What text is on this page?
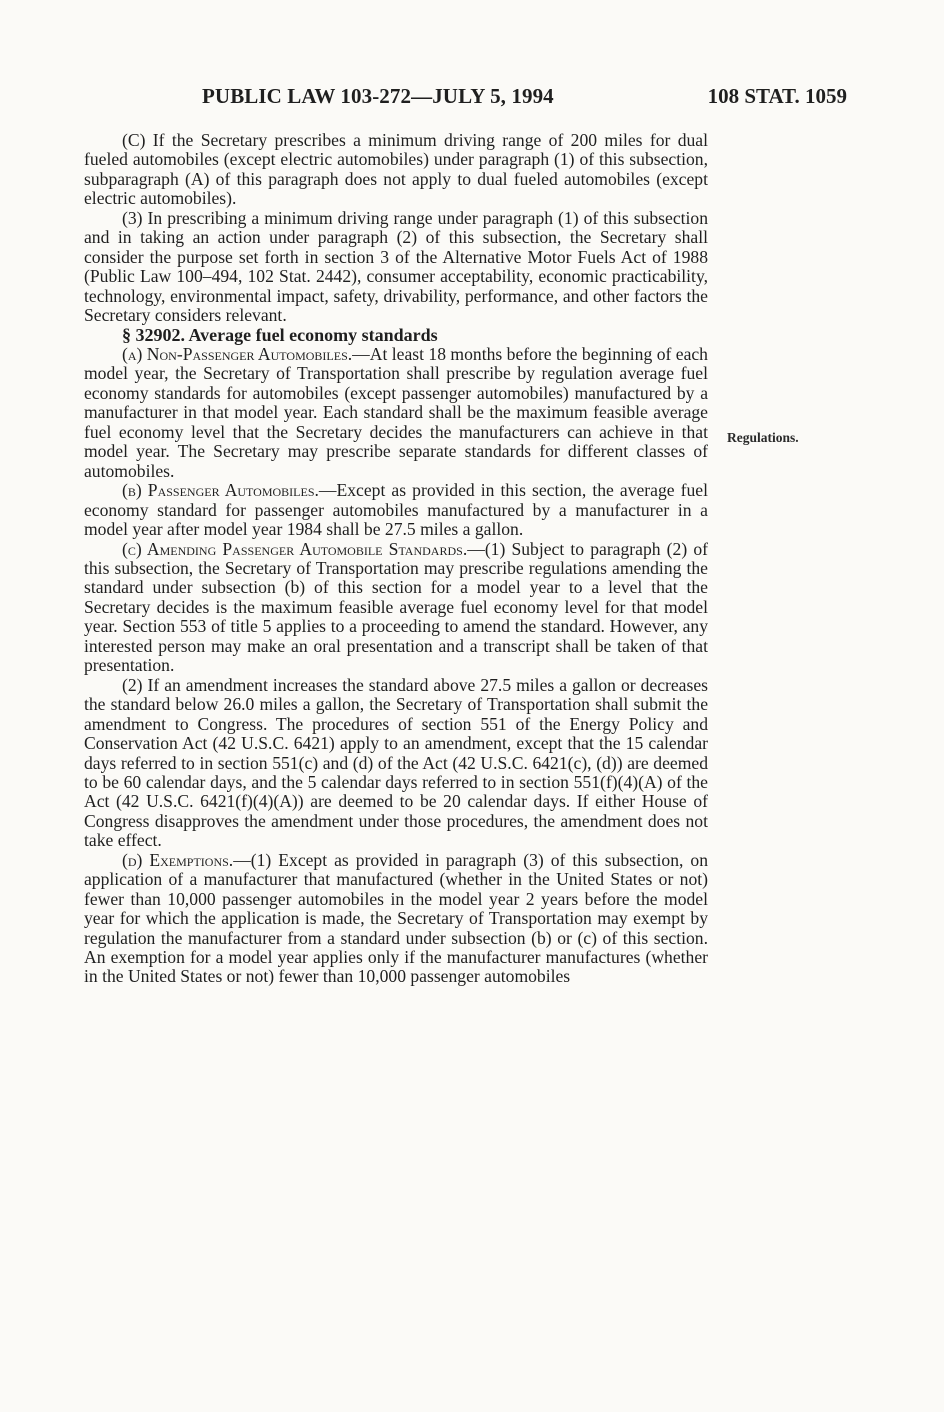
PUBLIC LAW 103-272—JULY 5, 1994	108 STAT. 1059
Regulations.

(C) If the Secretary prescribes a minimum driving range of 200 miles for dual fueled automobiles (except electric automobiles) under paragraph (1) of this subsection, subparagraph (A) of this paragraph does not apply to dual fueled automobiles (except electric automobiles).

(3) In prescribing a minimum driving range under paragraph (1) of this subsection and in taking an action under paragraph (2) of this subsection, the Secretary shall consider the purpose set forth in section 3 of the Alternative Motor Fuels Act of 1988 (Public Law 100–494, 102 Stat. 2442), consumer acceptability, economic practicability, technology, environmental impact, safety, drivability, performance, and other factors the Secretary considers relevant.

§ 32902. Average fuel economy standards

(a) Non-Passenger Automobiles.—At least 18 months before the beginning of each model year, the Secretary of Transportation shall prescribe by regulation average fuel economy standards for automobiles (except passenger automobiles) manufactured by a manufacturer in that model year. Each standard shall be the maximum feasible average fuel economy level that the Secretary decides the manufacturers can achieve in that model year. The Secretary may prescribe separate standards for different classes of automobiles.

(b) Passenger Automobiles.—Except as provided in this section, the average fuel economy standard for passenger automobiles manufactured by a manufacturer in a model year after model year 1984 shall be 27.5 miles a gallon.

(c) Amending Passenger Automobile Standards.—(1) Subject to paragraph (2) of this subsection, the Secretary of Transportation may prescribe regulations amending the standard under subsection (b) of this section for a model year to a level that the Secretary decides is the maximum feasible average fuel economy level for that model year. Section 553 of title 5 applies to a proceeding to amend the standard. However, any interested person may make an oral presentation and a transcript shall be taken of that presentation.

(2) If an amendment increases the standard above 27.5 miles a gallon or decreases the standard below 26.0 miles a gallon, the Secretary of Transportation shall submit the amendment to Congress. The procedures of section 551 of the Energy Policy and Conservation Act (42 U.S.C. 6421) apply to an amendment, except that the 15 calendar days referred to in section 551(c) and (d) of the Act (42 U.S.C. 6421(c), (d)) are deemed to be 60 calendar days, and the 5 calendar days referred to in section 551(f)(4)(A) of the Act (42 U.S.C. 6421(f)(4)(A)) are deemed to be 20 calendar days. If either House of Congress disapproves the amendment under those procedures, the amendment does not take effect.

(d) Exemptions.—(1) Except as provided in paragraph (3) of this subsection, on application of a manufacturer that manufactured (whether in the United States or not) fewer than 10,000 passenger automobiles in the model year 2 years before the model year for which the application is made, the Secretary of Transportation may exempt by regulation the manufacturer from a standard under subsection (b) or (c) of this section. An exemption for a model year applies only if the manufacturer manufactures (whether in the United States or not) fewer than 10,000 passenger automobiles
